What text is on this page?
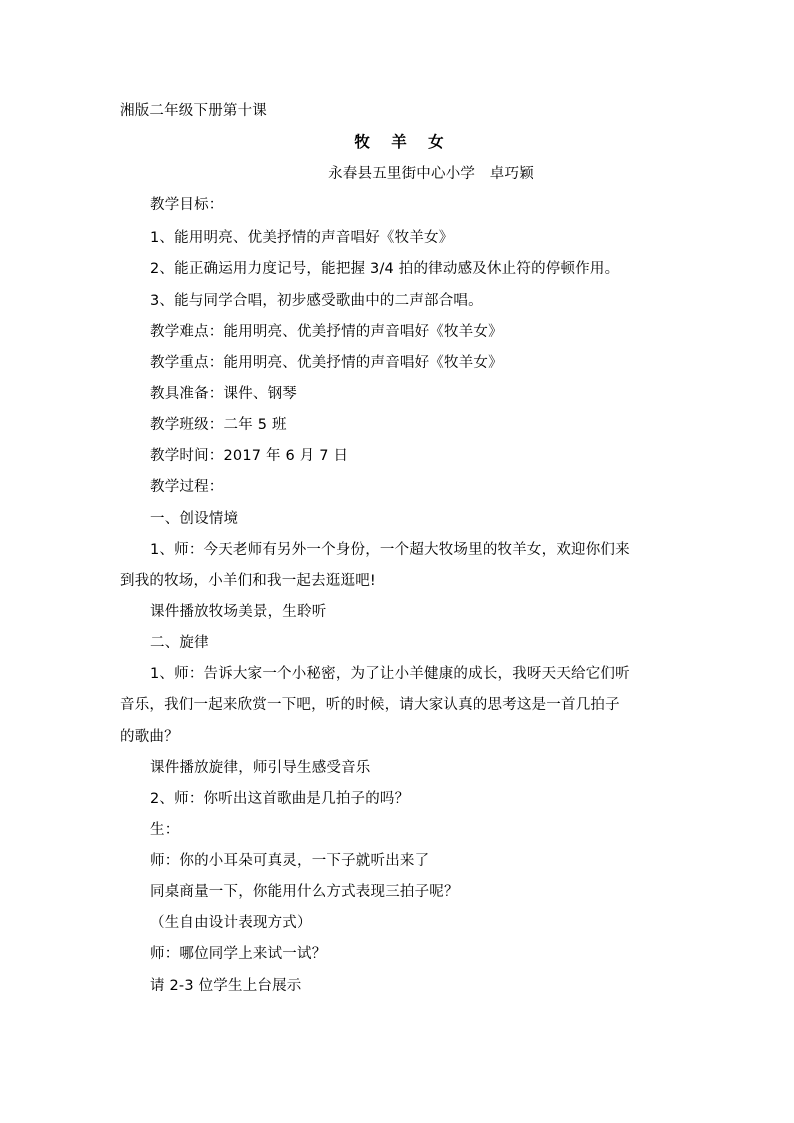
湘版二年级下册第十课
牧 羊 女
永春县五里街中心小学　卓巧颖
教学目标：
1、能用明亮、优美抒情的声音唱好《牧羊女》
2、能正确运用力度记号，能把握 3/4 拍的律动感及休止符的停顿作用。
3、能与同学合唱，初步感受歌曲中的二声部合唱。
教学难点：能用明亮、优美抒情的声音唱好《牧羊女》
教学重点：能用明亮、优美抒情的声音唱好《牧羊女》
教具准备：课件、钢琴
教学班级：二年 5 班
教学时间：2017 年 6 月 7 日
教学过程：
一、创设情境
1、师：今天老师有另外一个身份，一个超大牧场里的牧羊女，欢迎你们来
到我的牧场，小羊们和我一起去逛逛吧!
课件播放牧场美景，生聆听
二、旋律
1、师：告诉大家一个小秘密，为了让小羊健康的成长，我呀天天给它们听
音乐，我们一起来欣赏一下吧，听的时候，请大家认真的思考这是一首几拍子
的歌曲？
课件播放旋律，师引导生感受音乐
2、师：你听出这首歌曲是几拍子的吗？
生：
师：你的小耳朵可真灵，一下子就听出来了
同桌商量一下，你能用什么方式表现三拍子呢？
（生自由设计表现方式）
师：哪位同学上来试一试？
请 2-3 位学生上台展示
